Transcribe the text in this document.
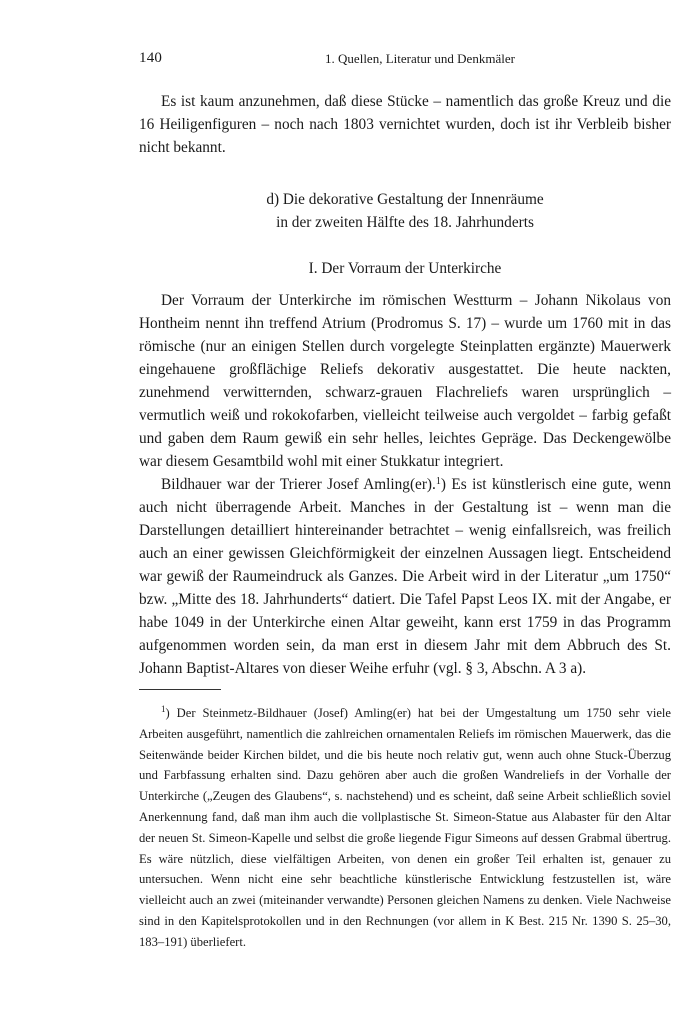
140	1. Quellen, Literatur und Denkmäler

Es ist kaum anzunehmen, daß diese Stücke – namentlich das große Kreuz und die 16 Heiligenfiguren – noch nach 1803 vernichtet wurden, doch ist ihr Verbleib bisher nicht bekannt.

d) Die dekorative Gestaltung der Innenräume
in der zweiten Hälfte des 18. Jahrhunderts
I. Der Vorraum der Unterkirche

Der Vorraum der Unterkirche im römischen Westturm – Johann Nikolaus von Hontheim nennt ihn treffend Atrium (Prodromus S. 17) – wurde um 1760 mit in das römische (nur an einigen Stellen durch vorgelegte Steinplatten ergänzte) Mauerwerk eingehauene großflächige Reliefs dekorativ ausgestattet. Die heute nackten, zunehmend verwitternden, schwarz-grauen Flachreliefs waren ursprünglich – vermutlich weiß und rokokofarben, vielleicht teilweise auch vergoldet – farbig gefaßt und gaben dem Raum gewiß ein sehr helles, leichtes Gepräge. Das Deckengewölbe war diesem Gesamtbild wohl mit einer Stukkatur integriert.

Bildhauer war der Trierer Josef Amling(er).$^1$) Es ist künstlerisch eine gute, wenn auch nicht überragende Arbeit. Manches in der Gestaltung ist – wenn man die Darstellungen detailliert hintereinander betrachtet – wenig einfallsreich, was freilich auch an einer gewissen Gleichförmigkeit der einzelnen Aussagen liegt. Entscheidend war gewiß der Raumeindruck als Ganzes. Die Arbeit wird in der Literatur „um 1750“ bzw. „Mitte des 18. Jahrhunderts“ datiert. Die Tafel Papst Leos IX. mit der Angabe, er habe 1049 in der Unterkirche einen Altar geweiht, kann erst 1759 in das Programm aufgenommen worden sein, da man erst in diesem Jahr mit dem Abbruch des St. Johann Baptist-Altares von dieser Weihe erfuhr (vgl. § 3, Abschn. A 3 a).

$^1$) Der Steinmetz-Bildhauer (Josef) Amling(er) hat bei der Umgestaltung um 1750 sehr viele Arbeiten ausgeführt, namentlich die zahlreichen ornamentalen Reliefs im römischen Mauerwerk, das die Seitenwände beider Kirchen bildet, und die bis heute noch relativ gut, wenn auch ohne Stuck-Überzug und Farbfassung erhalten sind. Dazu gehören aber auch die großen Wandreliefs in der Vorhalle der Unterkirche („Zeugen des Glaubens“, s. nachstehend) und es scheint, daß seine Arbeit schließlich soviel Anerkennung fand, daß man ihm auch die vollplastische St. Simeon-Statue aus Alabaster für den Altar der neuen St. Simeon-Kapelle und selbst die große liegende Figur Simeons auf dessen Grabmal übertrug. Es wäre nützlich, diese vielfältigen Arbeiten, von denen ein großer Teil erhalten ist, genauer zu untersuchen. Wenn nicht eine sehr beachtliche künstlerische Entwicklung festzustellen ist, wäre vielleicht auch an zwei (miteinander verwandte) Personen gleichen Namens zu denken. Viele Nachweise sind in den Kapitelsprotokollen und in den Rechnungen (vor allem in K Best. 215 Nr. 1390 S. 25–30, 183–191) überliefert.
